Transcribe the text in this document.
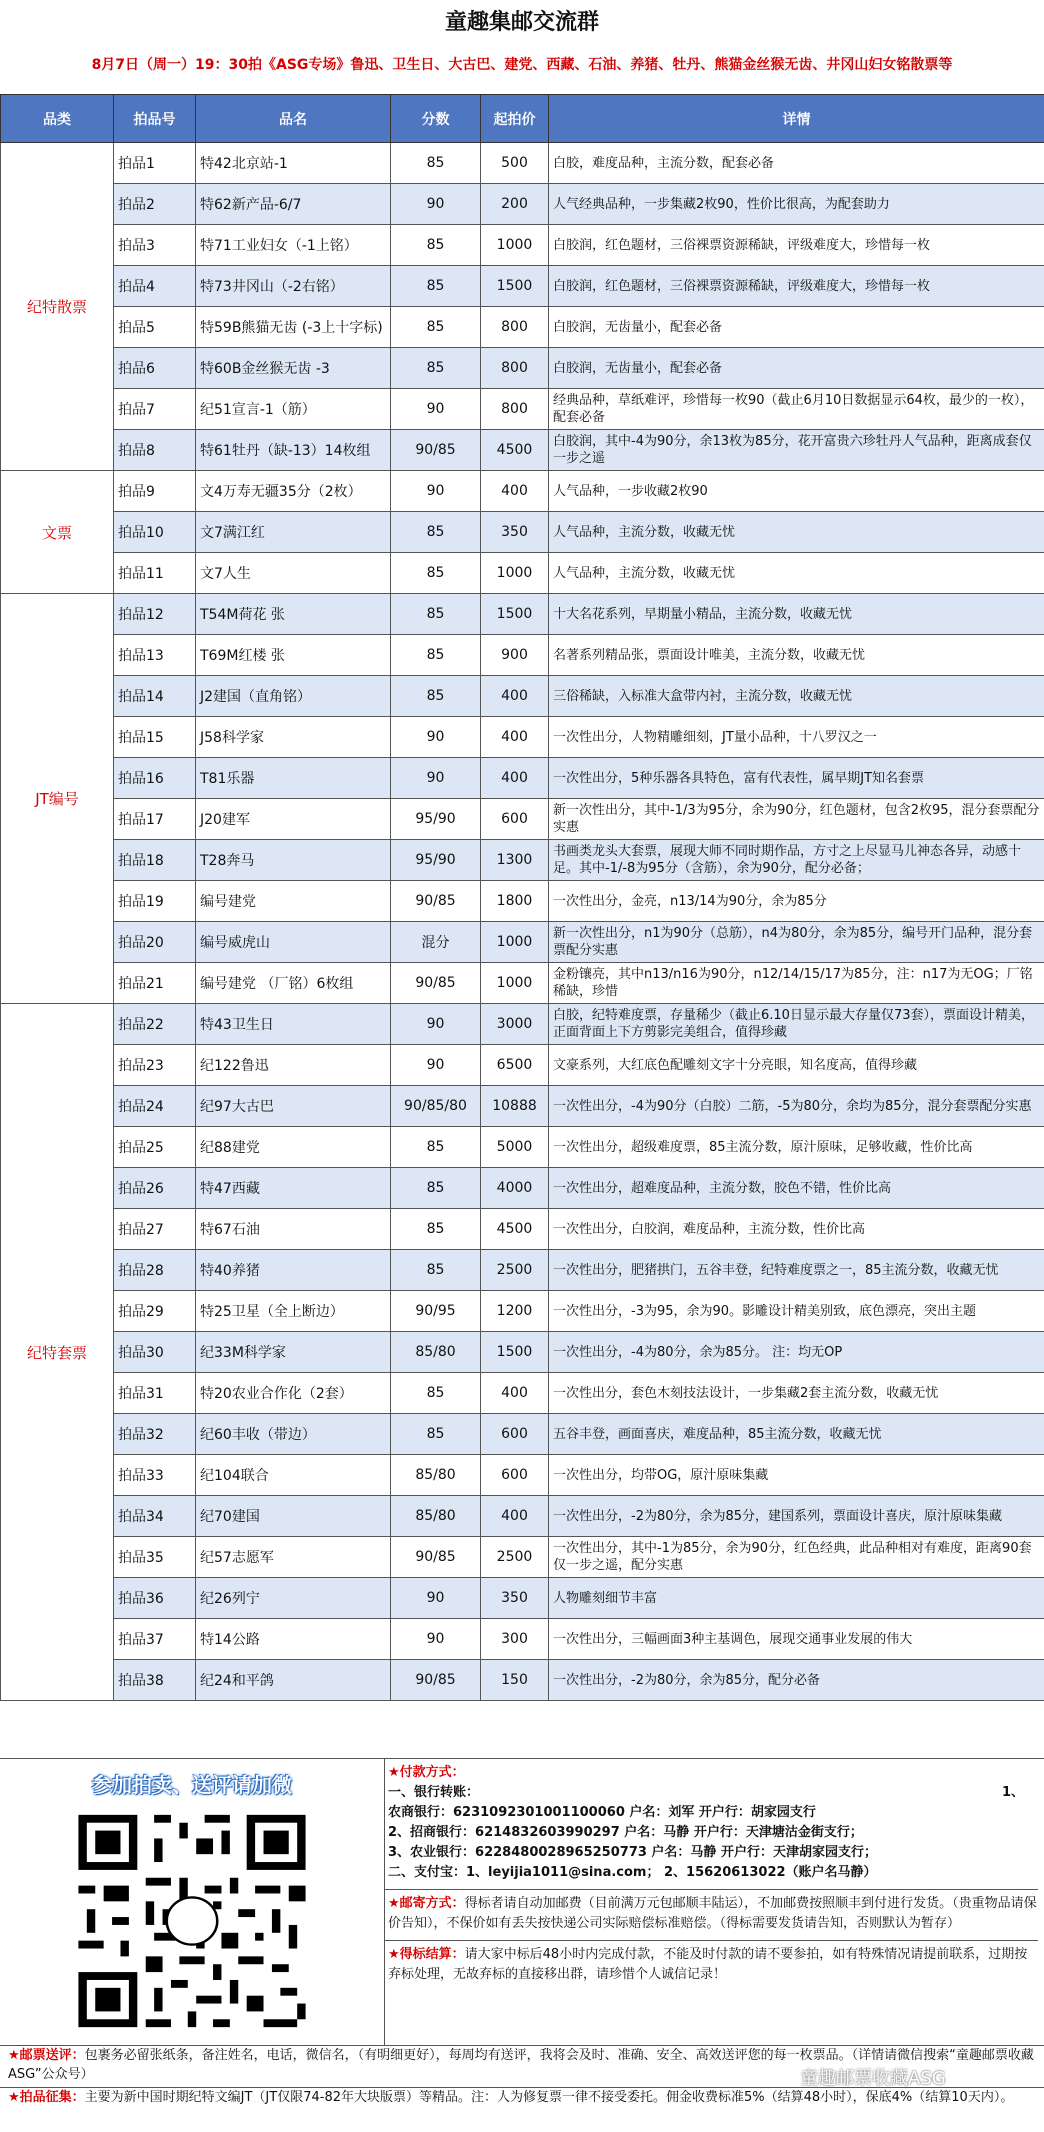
童趣集邮交流群
8月7日（周一）19：30拍《ASG专场》鲁迅、卫生日、大古巴、建党、西藏、石油、养猪、牡丹、熊猫金丝猴无齿、井冈山妇女铭散票等
品类	拍品号	品名	分数	起拍价	详情
纪特散票	拍品1	特42北京站-1	85	500	白胶，难度品种，主流分数，配套必备
	拍品2	特62新产品-6/7	90	200	人气经典品种，一步集藏2枚90，性价比很高，为配套助力
	拍品3	特71工业妇女（-1上铭）	85	1000	白胶润，红色题材，三俗裸票资源稀缺，评级难度大，珍惜每一枚
	拍品4	特73井冈山（-2右铭）	85	1500	白胶润，红色题材，三俗裸票资源稀缺，评级难度大，珍惜每一枚
	拍品5	特59B熊猫无齿 (-3上十字标)	85	800	白胶润，无齿量小，配套必备
	拍品6	特60B金丝猴无齿 -3	85	800	白胶润，无齿量小，配套必备
	拍品7	纪51宣言-1（筋）	90	800	经典品种，草纸难评，珍惜每一枚90（截止6月10日数据显示64枚，最少的一枚），配套必备
	拍品8	特61牡丹（缺-13）14枚组	90/85	4500	白胶润，其中-4为90分，余13枚为85分，花开富贵六珍牡丹人气品种，距离成套仅一步之遥
文票	拍品9	文4万寿无疆35分（2枚）	90	400	人气品种，一步收藏2枚90
	拍品10	文7满江红	85	350	人气品种，主流分数，收藏无忧
	拍品11	文7人生	85	1000	人气品种，主流分数，收藏无忧
JT编号	拍品12	T54M荷花 张	85	1500	十大名花系列，早期量小精品，主流分数，收藏无忧
	拍品13	T69M红楼 张	85	900	名著系列精品张，票面设计唯美，主流分数，收藏无忧
	拍品14	J2建国（直角铭）	85	400	三俗稀缺，入标准大盒带内衬，主流分数，收藏无忧
	拍品15	J58科学家	90	400	一次性出分，人物精雕细刻，JT量小品种，十八罗汉之一
	拍品16	T81乐器	90	400	一次性出分，5种乐器各具特色，富有代表性，属早期JT知名套票
	拍品17	J20建军	95/90	600	新一次性出分，其中-1/3为95分，余为90分，红色题材，包含2枚95，混分套票配分实惠
	拍品18	T28奔马	95/90	1300	书画类龙头大套票，展现大师不同时期作品，方寸之上尽显马儿神态各异，动感十足。其中-1/-8为95分（含筋），余为90分，配分必备；
	拍品19	编号建党	90/85	1800	一次性出分，金亮，n13/14为90分，余为85分
	拍品20	编号威虎山	混分	1000	新一次性出分，n1为90分（总筋），n4为80分，余为85分，编号开门品种，混分套票配分实惠
	拍品21	编号建党 （厂铭）6枚组	90/85	1000	金粉镶亮，其中n13/n16为90分，n12/14/15/17为85分，注：n17为无OG；厂铭稀缺，珍惜
纪特套票	拍品22	特43卫生日	90	3000	白胶，纪特难度票，存量稀少（截止6.10日显示最大存量仅73套），票面设计精美，正面背面上下方剪影完美组合，值得珍藏
	拍品23	纪122鲁迅	90	6500	文豪系列，大红底色配雕刻文字十分亮眼，知名度高，值得珍藏
	拍品24	纪97大古巴	90/85/80	10888	一次性出分，-4为90分（白胶）二筋，-5为80分，余均为85分，混分套票配分实惠
	拍品25	纪88建党	85	5000	一次性出分，超级难度票，85主流分数，原汁原味，足够收藏，性价比高
	拍品26	特47西藏	85	4000	一次性出分，超难度品种，主流分数，胶色不错，性价比高
	拍品27	特67石油	85	4500	一次性出分，白胶润，难度品种，主流分数，性价比高
	拍品28	特40养猪	85	2500	一次性出分，肥猪拱门，五谷丰登，纪特难度票之一，85主流分数，收藏无忧
	拍品29	特25卫星（全上断边）	90/95	1200	一次性出分，-3为95，余为90。影雕设计精美别致，底色漂亮，突出主题
	拍品30	纪33M科学家	85/80	1500	一次性出分，-4为80分，余为85分。 注：均无OP
	拍品31	特20农业合作化（2套）	85	400	一次性出分，套色木刻技法设计，一步集藏2套主流分数，收藏无忧
	拍品32	纪60丰收（带边）	85	600	五谷丰登，画面喜庆，难度品种，85主流分数，收藏无忧
	拍品33	纪104联合	85/80	600	一次性出分，均带OG，原汁原味集藏
	拍品34	纪70建国	85/80	400	一次性出分，-2为80分，余为85分，建国系列，票面设计喜庆，原汁原味集藏
	拍品35	纪57志愿军	90/85	2500	一次性出分，其中-1为85分，余为90分，红色经典，此品种相对有难度，距离90套仅一步之遥，配分实惠
	拍品36	纪26列宁	90	350	人物雕刻细节丰富
	拍品37	特14公路	90	300	一次性出分，三幅画面3种主基调色，展现交通事业发展的伟大
	拍品38	纪24和平鸽	90/85	150	一次性出分，-2为80分，余为85分，配分必备
参加拍卖、送评请加微
★付款方式：
一、银行转账：	1、
农商银行：6231092301001100060 户名：刘军 开户行：胡家园支行
2、招商银行：6214832603990297 户名：马静 开户行：天津塘沽金街支行；
3、农业银行：6228480028965250773 户名：马静 开户行：天津胡家园支行；
二、支付宝：1、leyijia1011@sina.com； 2、15620613022（账户名马静）
★邮寄方式：得标者请自动加邮费（目前满万元包邮顺丰陆运），不加邮费按照顺丰到付进行发货。（贵重物品请保价告知），不保价如有丢失按快递公司实际赔偿标准赔偿。（得标需要发货请告知，否则默认为暂存）
★得标结算：请大家中标后48小时内完成付款，不能及时付款的请不要参拍，如有特殊情况请提前联系，过期按弃标处理，无故弃标的直接移出群，请珍惜个人诚信记录！
★邮票送评：包裹务必留张纸条，备注姓名，电话，微信名，（有明细更好），每周均有送评，我将会及时、准确、安全、高效送评您的每一枚票品。（详情请微信搜索“童趣邮票收藏ASG”公众号）
★拍品征集：主要为新中国时期纪特文编JT（JT仅限74-82年大块版票）等精品。注：人为修复票一律不接受委托。佣金收费标准5%（结算48小时），保底4%（结算10天内）。
童趣邮票收藏ASG
